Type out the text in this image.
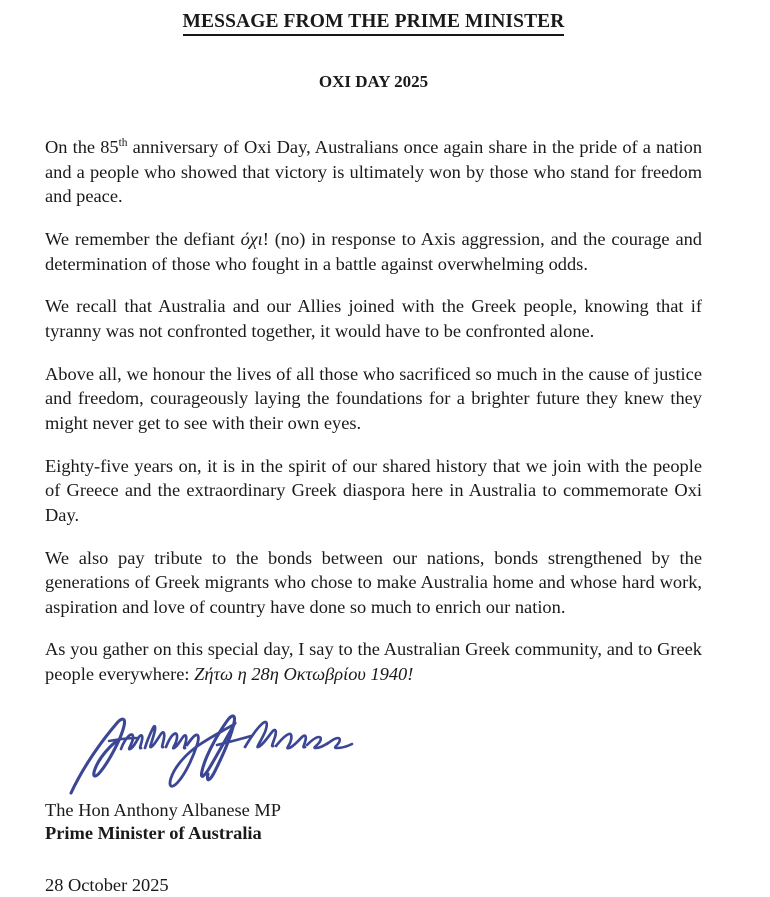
MESSAGE FROM THE PRIME MINISTER
OXI DAY 2025

On the 85th anniversary of Oxi Day, Australians once again share in the pride of a nation and a people who showed that victory is ultimately won by those who stand for freedom and peace.

We remember the defiant όχι! (no) in response to Axis aggression, and the courage and determination of those who fought in a battle against overwhelming odds.

We recall that Australia and our Allies joined with the Greek people, knowing that if tyranny was not confronted together, it would have to be confronted alone.

Above all, we honour the lives of all those who sacrificed so much in the cause of justice and freedom, courageously laying the foundations for a brighter future they knew they might never get to see with their own eyes.

Eighty-five years on, it is in the spirit of our shared history that we join with the people of Greece and the extraordinary Greek diaspora here in Australia to commemorate Oxi Day.

We also pay tribute to the bonds between our nations, bonds strengthened by the generations of Greek migrants who chose to make Australia home and whose hard work, aspiration and love of country have done so much to enrich our nation.

As you gather on this special day, I say to the Australian Greek community, and to Greek people everywhere: Ζήτω η 28η Οκτωβρίου 1940!

The Hon Anthony Albanese MP
Prime Minister of Australia

28 October 2025
